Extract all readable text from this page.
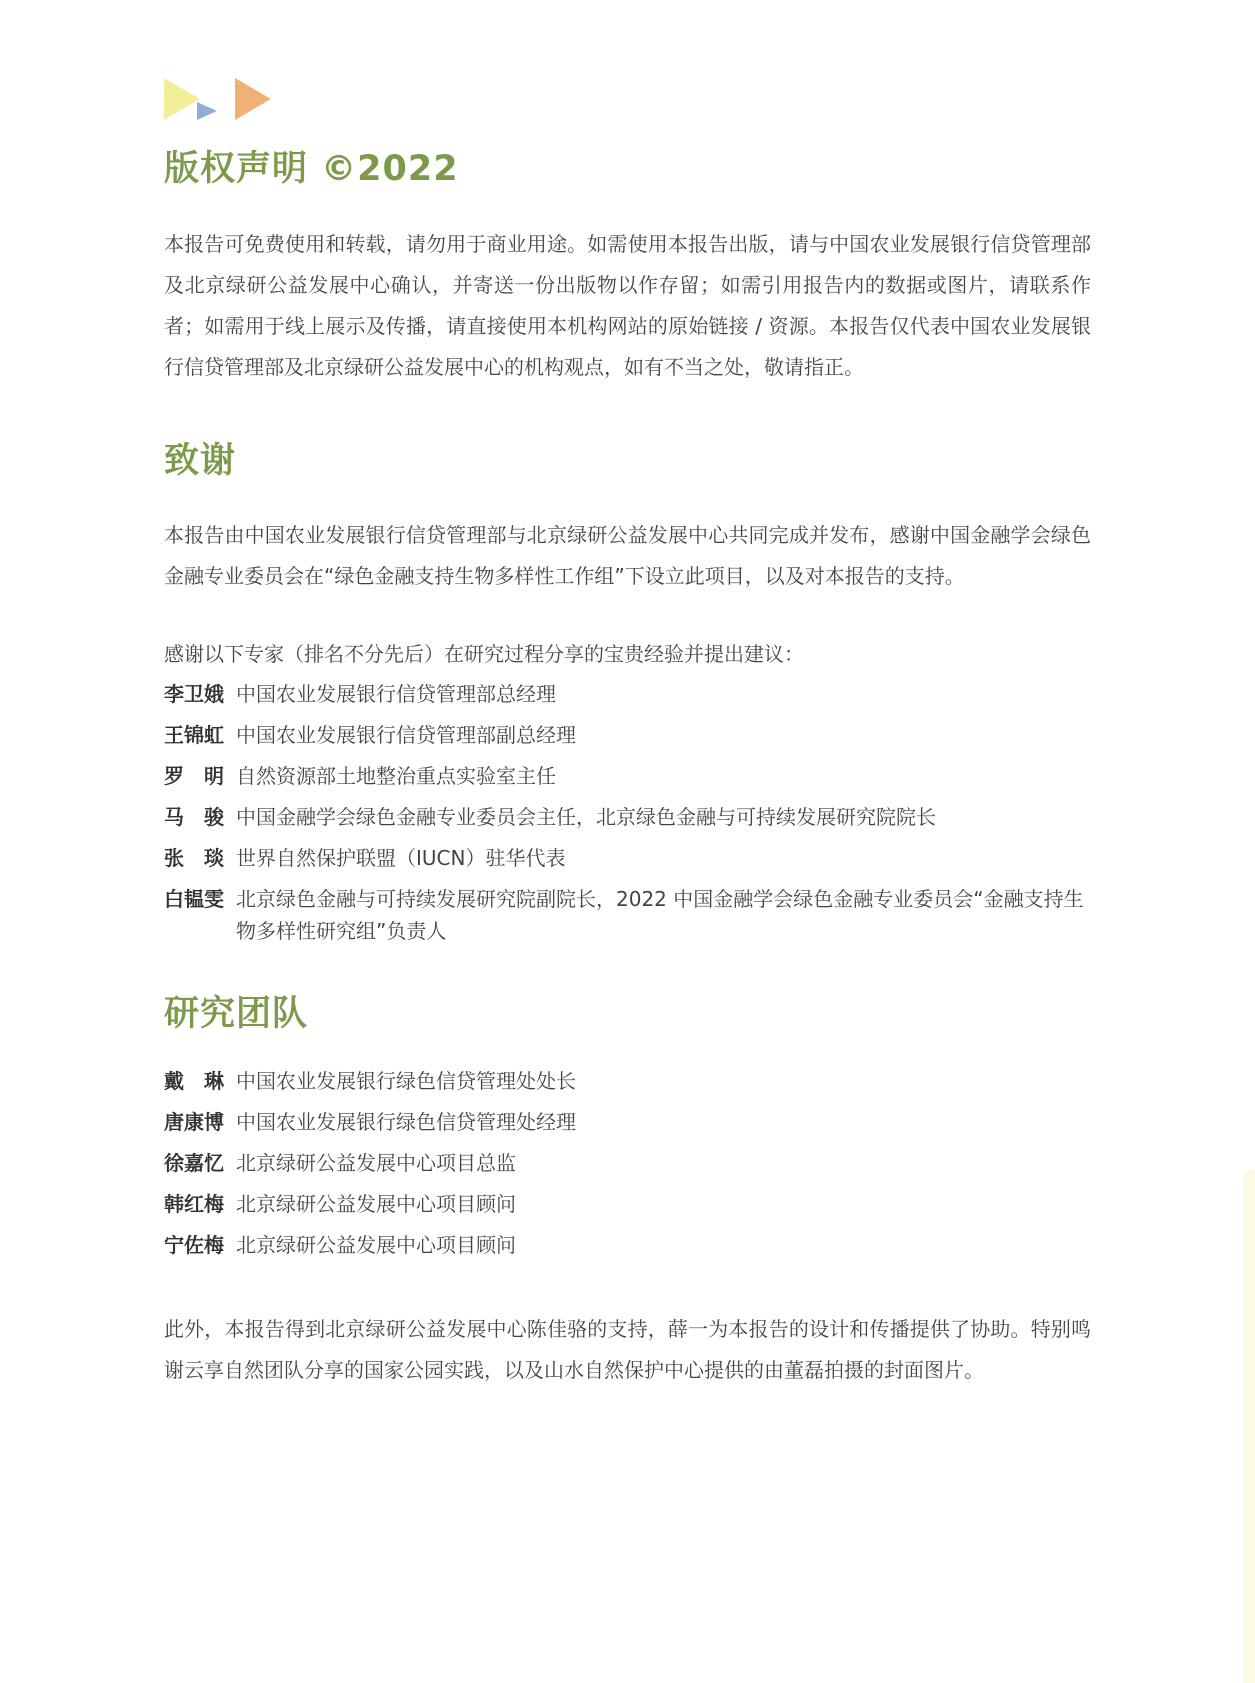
版权声明 ©2022

本报告可免费使用和转载，请勿用于商业用途。如需使用本报告出版，请与中国农业发展银行信贷管理部及北京绿研公益发展中心确认，并寄送一份出版物以作存留；如需引用报告内的数据或图片，请联系作者；如需用于线上展示及传播，请直接使用本机构网站的原始链接 / 资源。本报告仅代表中国农业发展银行信贷管理部及北京绿研公益发展中心的机构观点，如有不当之处，敬请指正。

致谢

本报告由中国农业发展银行信贷管理部与北京绿研公益发展中心共同完成并发布，感谢中国金融学会绿色金融专业委员会在“绿色金融支持生物多样性工作组”下设立此项目，以及对本报告的支持。

感谢以下专家（排名不分先后）在研究过程分享的宝贵经验并提出建议：

李卫娥 中国农业发展银行信贷管理部总经理
王锦虹 中国农业发展银行信贷管理部副总经理
罗　明 自然资源部土地整治重点实验室主任
马　骏 中国金融学会绿色金融专业委员会主任，北京绿色金融与可持续发展研究院院长
张　琰 世界自然保护联盟（IUCN）驻华代表
白韫雯 北京绿色金融与可持续发展研究院副院长，2022 中国金融学会绿色金融专业委员会“金融支持生物多样性研究组”负责人
研究团队
戴　琳 中国农业发展银行绿色信贷管理处处长
唐康博 中国农业发展银行绿色信贷管理处经理
徐嘉忆 北京绿研公益发展中心项目总监
韩红梅 北京绿研公益发展中心项目顾问
宁佐梅 北京绿研公益发展中心项目顾问

此外，本报告得到北京绿研公益发展中心陈佳骆的支持，薛一为本报告的设计和传播提供了协助。特别鸣谢云享自然团队分享的国家公园实践，以及山水自然保护中心提供的由董磊拍摄的封面图片。
